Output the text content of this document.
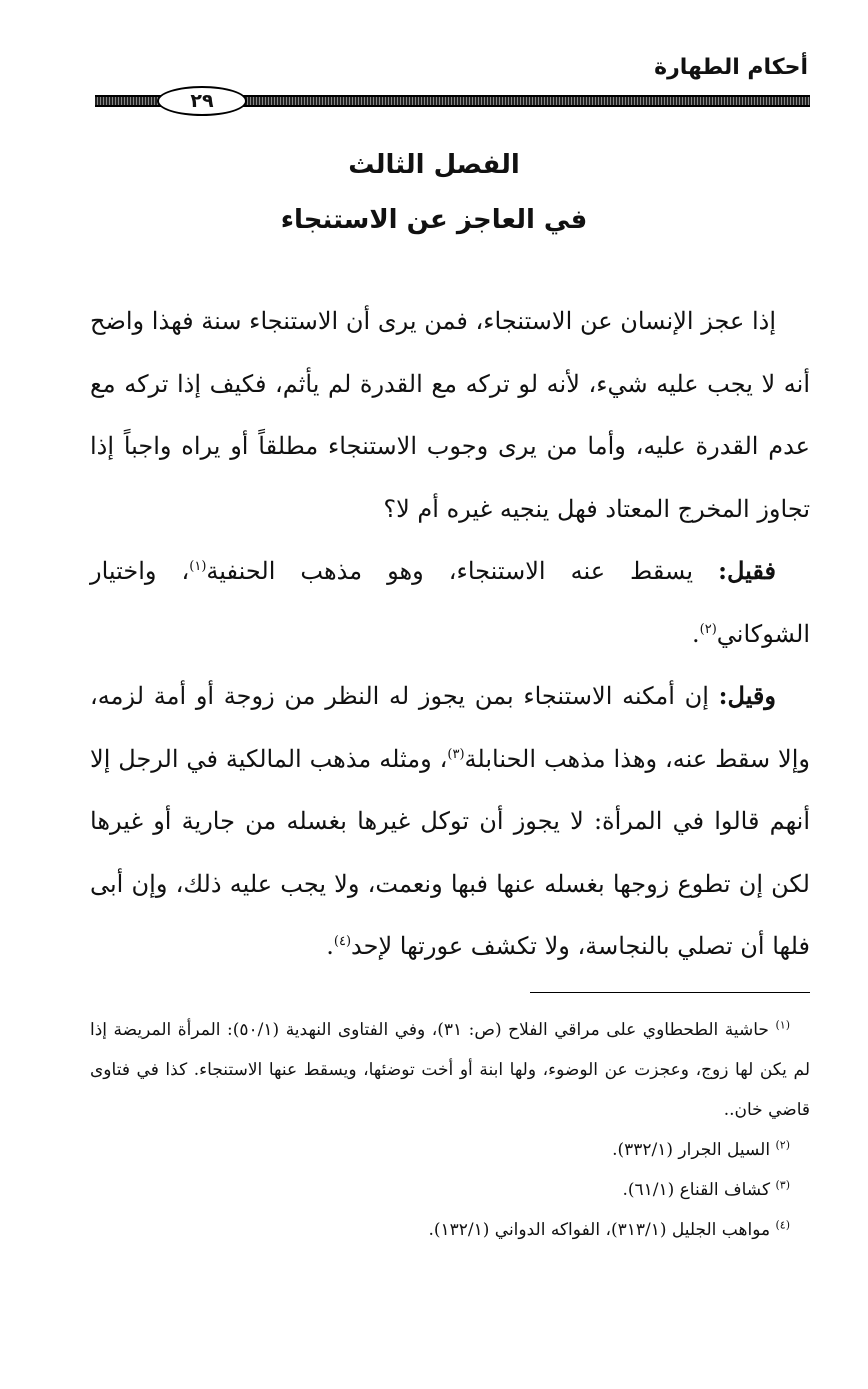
أحكام الطهارة
٢٩
الفصل الثالث
في العاجز عن الاستنجاء

إذا عجز الإنسان عن الاستنجاء، فمن يرى أن الاستنجاء سنة فهذا واضح أنه لا يجب عليه شيء، لأنه لو تركه مع القدرة لم يأثم، فكيف إذا تركه مع عدم القدرة عليه، وأما من يرى وجوب الاستنجاء مطلقاً أو يراه واجباً إذا تجاوز المخرج المعتاد فهل ينجيه غيره أم لا؟

فقيل: يسقط عنه الاستنجاء، وهو مذهب الحنفية$^{(١)}$، واختيار الشوكاني$^{(٢)}$.

وقيل: إن أمكنه الاستنجاء بمن يجوز له النظر من زوجة أو أمة لزمه، وإلا سقط عنه، وهذا مذهب الحنابلة$^{(٣)}$، ومثله مذهب المالكية في الرجل إلا أنهم قالوا في المرأة: لا يجوز أن توكل غيرها بغسله من جارية أو غيرها لكن إن تطوع زوجها بغسله عنها فبها ونعمت، ولا يجب عليه ذلك، وإن أبى فلها أن تصلي بالنجاسة، ولا تكشف عورتها لإحد$^{(٤)}$.

$^{(١)}$ حاشية الطحطاوي على مراقي الفلاح (ص: ٣١)، وفي الفتاوى النهدية (٥٠/١): المرأة المريضة إذا لم يكن لها زوج، وعجزت عن الوضوء، ولها ابنة أو أخت توضئها، ويسقط عنها الاستنجاء. كذا في فتاوى قاضي خان..

$^{(٢)}$ السيل الجرار (٣٣٢/١).

$^{(٣)}$ كشاف القناع (٦١/١).

$^{(٤)}$ مواهب الجليل (٣١٣/١)، الفواكه الدواني (١٣٢/١).
